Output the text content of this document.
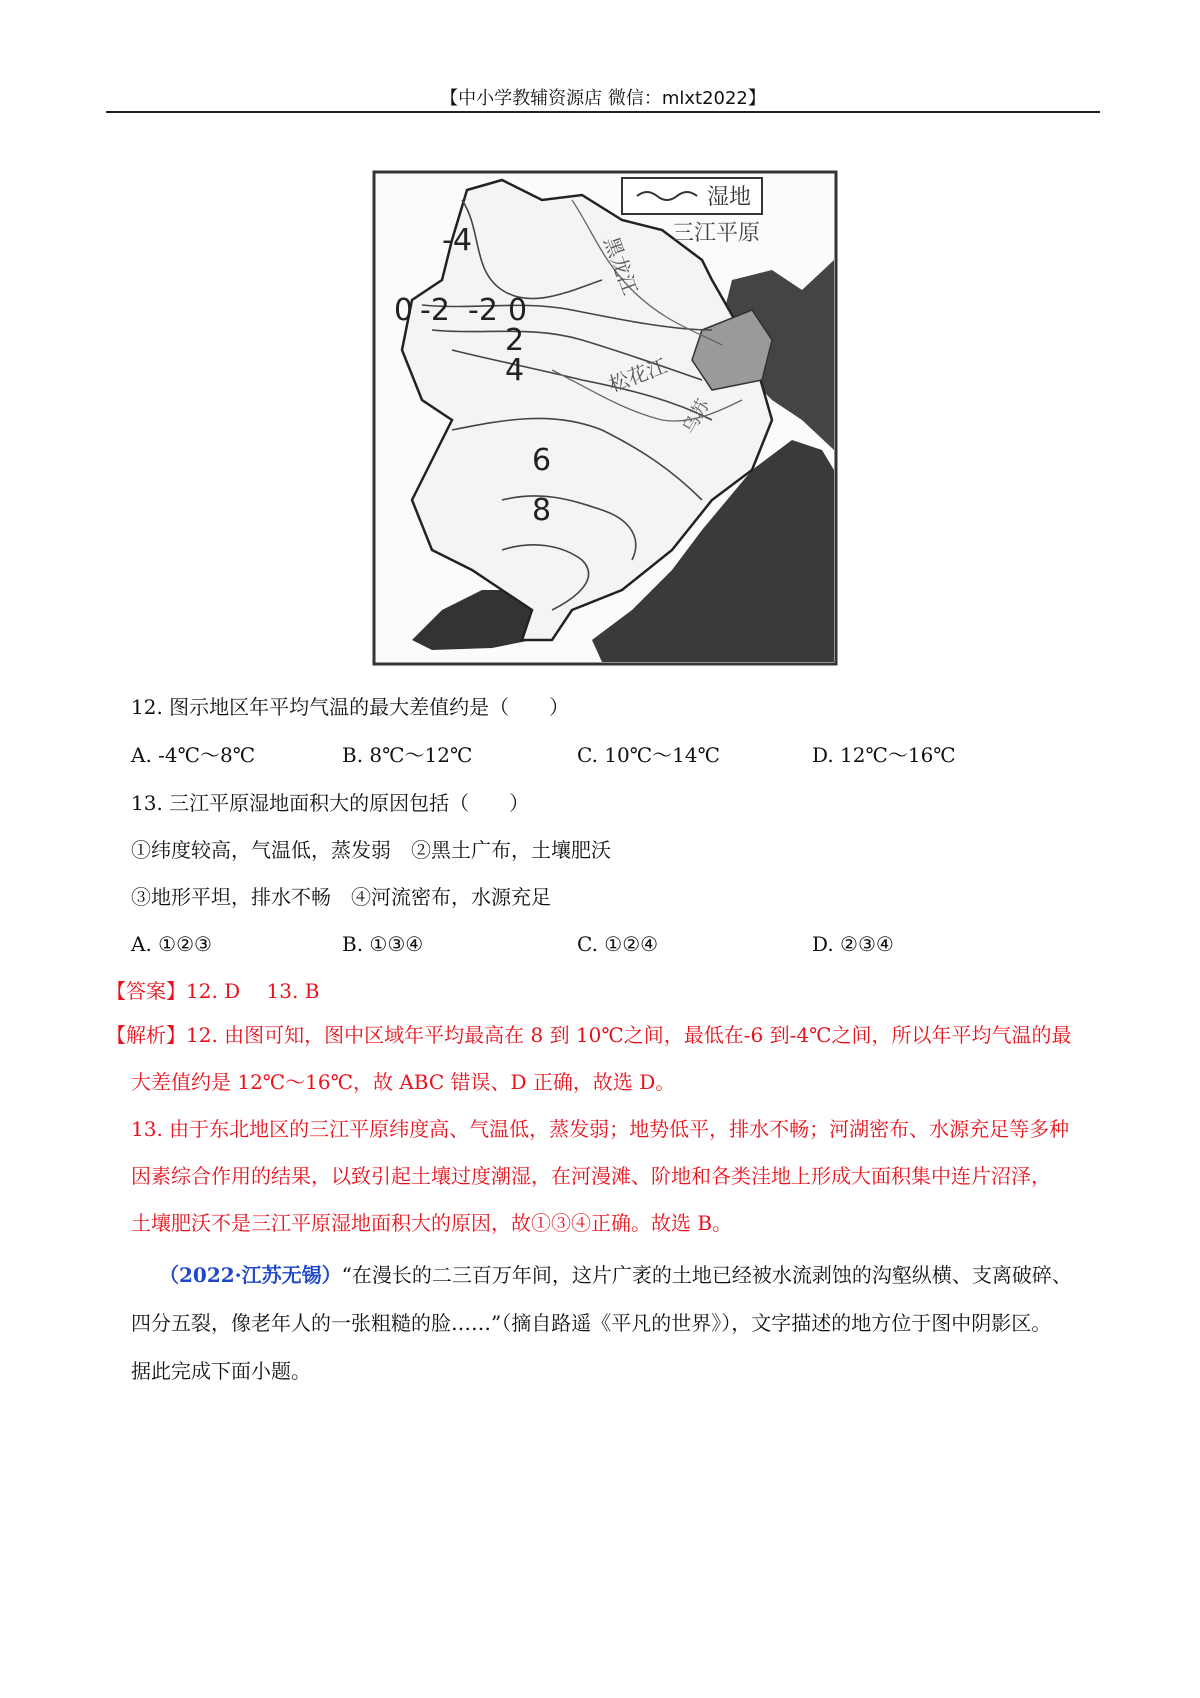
【中小学教辅资源店 微信：mlxt2022】
湿地
黑龙江
三江平原
松花江
乌苏
-4
0 -2 -2 0
2
4
6
8
12. 图示地区年平均气温的最大差值约是（　　）
A. -4℃～8℃	B. 8℃～12℃	C. 10℃～14℃	D. 12℃～16℃
13. 三江平原湿地面积大的原因包括（　　）
①纬度较高，气温低，蒸发弱　②黑土广布，土壤肥沃
③地形平坦，排水不畅　④河流密布，水源充足
A. ①②③	B. ①③④	C. ①②④	D. ②③④
【答案】12. D　 13. B

【解析】12. 由图可知，图中区域年平均最高在 8 到 10℃之间，最低在-6 到-4℃之间，所以年平均气温的最

大差值约是 12℃～16℃，故 ABC 错误、D 正确，故选 D。

13. 由于东北地区的三江平原纬度高、气温低，蒸发弱；地势低平，排水不畅；河湖密布、水源充足等多种

因素综合作用的结果，以致引起土壤过度潮湿，在河漫滩、阶地和各类洼地上形成大面积集中连片沼泽，

土壤肥沃不是三江平原湿地面积大的原因，故①③④正确。故选 B。

（2022·江苏无锡）“在漫长的二三百万年间，这片广袤的土地已经被水流剥蚀的沟壑纵横、支离破碎、
四分五裂，像老年人的一张粗糙的脸……”（摘自路遥《平凡的世界》），文字描述的地方位于图中阴影区。
据此完成下面小题。
